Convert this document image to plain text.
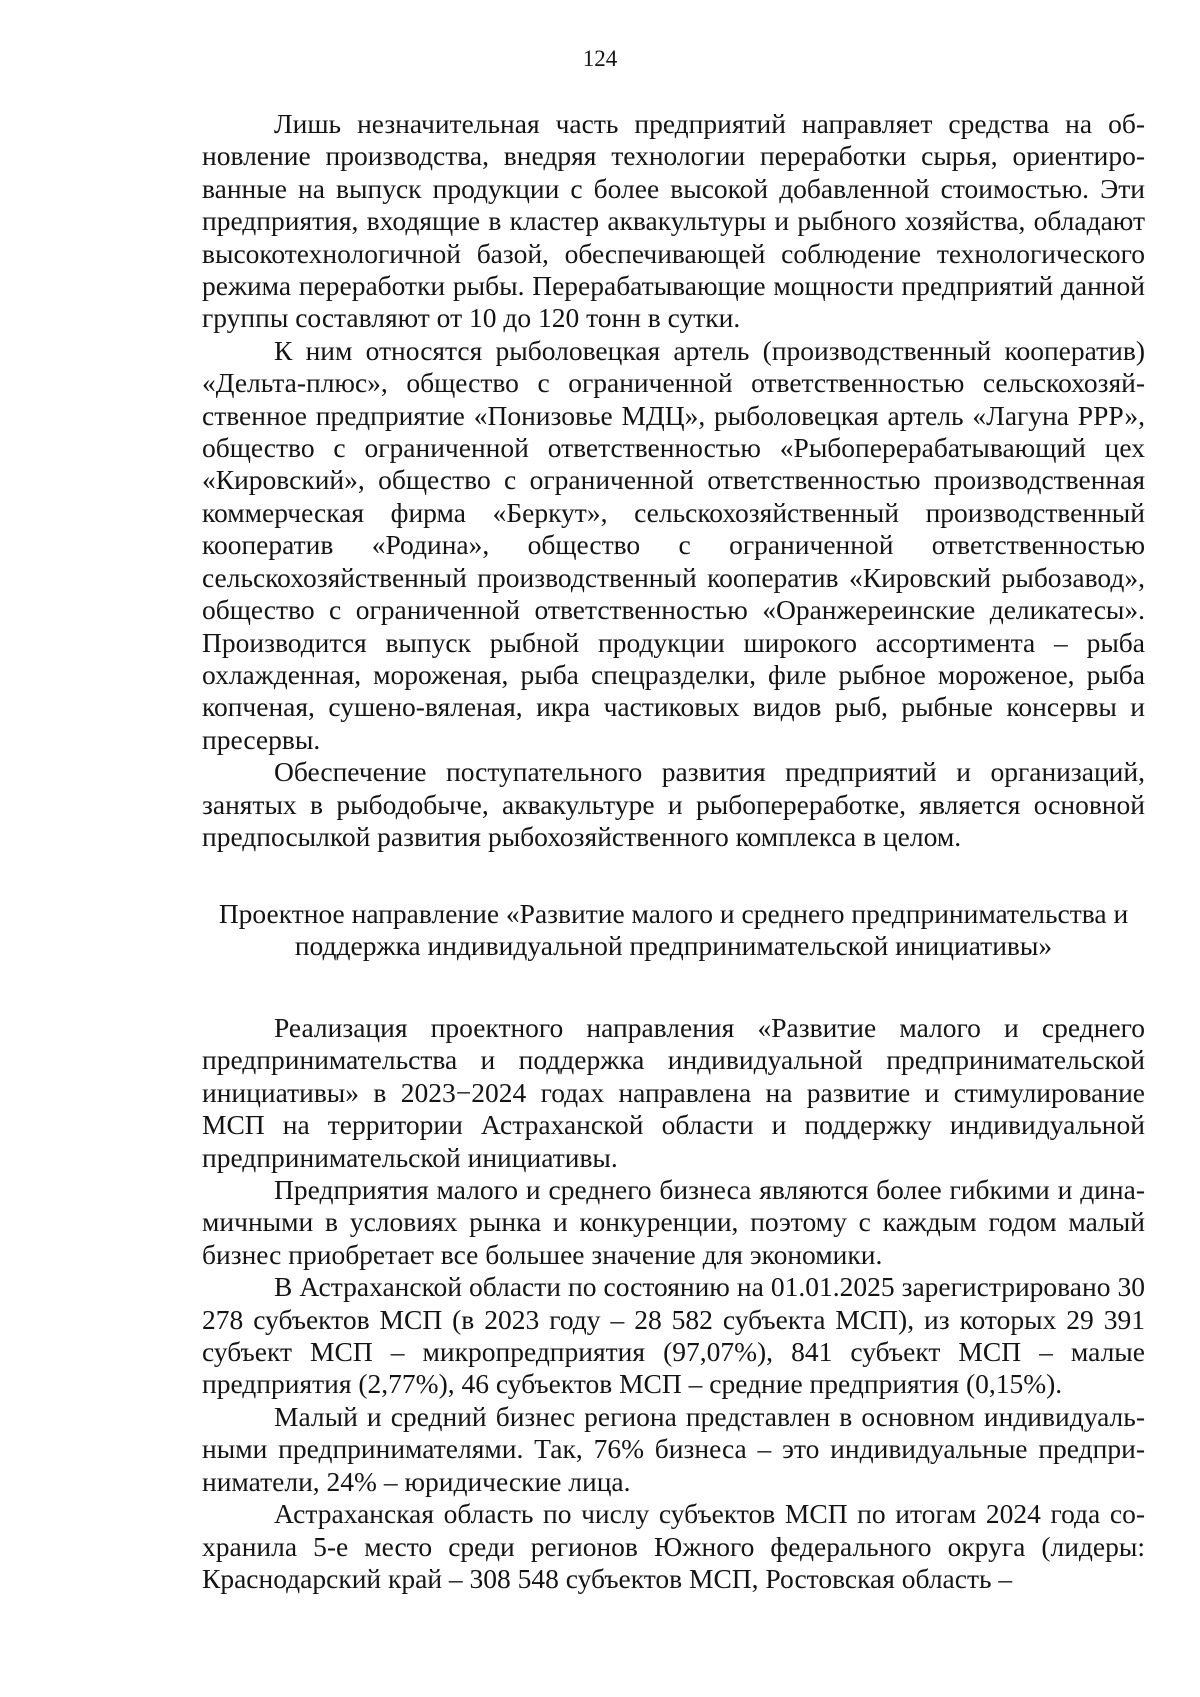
124

Лишь незначительная часть предприятий направляет средства на обновление производства, внедряя технологии переработки сырья, ориентированные на выпуск продукции с более высокой добавленной стоимостью. Эти предприятия, входящие в кластер аквакультуры и рыбного хозяйства, обладают высокотехнологичной базой, обеспечивающей соблюдение технологического режима переработки рыбы. Перерабатывающие мощности предприятий данной группы составляют от 10 до 120 тонн в сутки.

К ним относятся рыболовецкая артель (производственный кооператив) «Дельта-плюс», общество с ограниченной ответственностью сельскохозяйственное предприятие «Понизовье МДЦ», рыболовецкая артель «Лагуна РРР», общество с ограниченной ответственностью «Рыбоперерабатывающий цех «Кировский», общество с ограниченной ответственностью производственная коммерческая фирма «Беркут», сельскохозяйственный производственный кооператив «Родина», общество с ограниченной ответственностью сельскохозяйственный производственный кооператив «Кировский рыбозавод», общество с ограниченной ответственностью «Оранжереинские деликатесы». Производится выпуск рыбной продукции широкого ассортимента – рыба охлажденная, мороженая, рыба спецразделки, филе рыбное мороженое, рыба копченая, сушено-вяленая, икра частиковых видов рыб, рыбные консервы и пресервы.

Обеспечение поступательного развития предприятий и организаций, занятых в рыбодобыче, аквакультуре и рыбопереработке, является основной предпосылкой развития рыбохозяйственного комплекса в целом.

Проектное направление «Развитие малого и среднего предпринимательства и
поддержка индивидуальной предпринимательской инициативы»

Реализация проектного направления «Развитие малого и среднего предпринимательства и поддержка индивидуальной предпринимательской инициативы» в 2023−2024 годах направлена на развитие и стимулирование МСП на территории Астраханской области и поддержку индивидуальной предпринимательской инициативы.

Предприятия малого и среднего бизнеса являются более гибкими и динамичными в условиях рынка и конкуренции, поэтому с каждым годом малый бизнес приобретает все большее значение для экономики.

В Астраханской области по состоянию на 01.01.2025 зарегистрировано 30 278 субъектов МСП (в 2023 году – 28 582 субъекта МСП), из которых 29 391 субъект МСП – микропредприятия (97,07%), 841 субъект МСП – малые предприятия (2,77%), 46 субъектов МСП – средние предприятия (0,15%).

Малый и средний бизнес региона представлен в основном индивидуальными предпринимателями. Так, 76% бизнеса – это индивидуальные предприниматели, 24% – юридические лица.

Астраханская область по числу субъектов МСП по итогам 2024 года сохранила 5-е место среди регионов Южного федерального округа (лидеры: Краснодарский край – 308 548 субъектов МСП, Ростовская область –
